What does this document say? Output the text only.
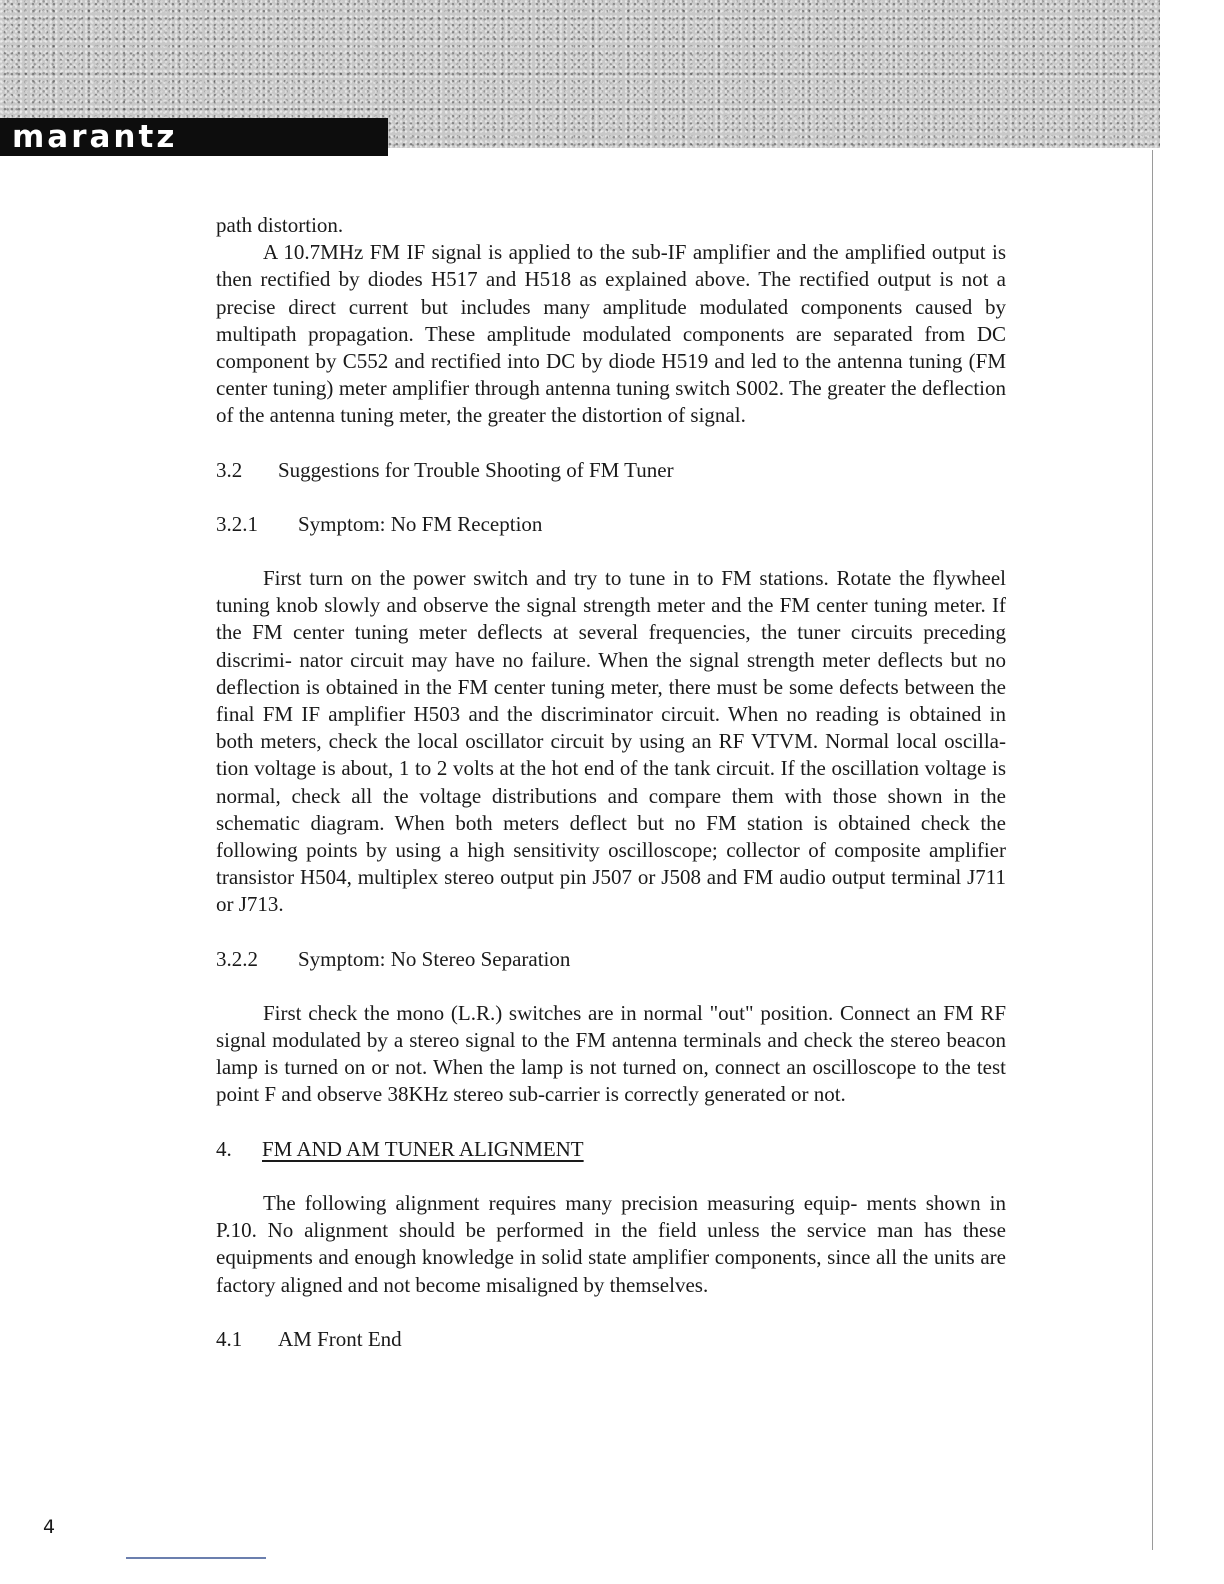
marantz

path distortion.

A 10.7MHz FM IF signal is applied to the sub-IF amplifier and the amplified output is then rectified by diodes H517 and H518 as explained above. The rectified output is not a precise direct current but includes many amplitude modulated components caused by multipath propagation. These amplitude modulated components are separated from DC component by C552 and rectified into DC by diode H519 and led to the antenna tuning (FM center tuning) meter amplifier through antenna tuning switch S002. The greater the deflection of the antenna tuning meter, the greater the distortion of signal.

3.2	Suggestions for Trouble Shooting of FM Tuner
3.2.1	Symptom: No FM Reception

First turn on the power switch and try to tune in to FM stations. Rotate the flywheel tuning knob slowly and observe the signal strength meter and the FM center tuning meter. If the FM center tuning meter deflects at several frequencies, the tuner circuits preceding discrimi- nator circuit may have no failure. When the signal strength meter deflects but no deflection is obtained in the FM center tuning meter, there must be some defects between the final FM IF amplifier H503 and the discriminator circuit. When no reading is obtained in both meters, check the local oscillator circuit by using an RF VTVM. Normal local oscilla- tion voltage is about, 1 to 2 volts at the hot end of the tank circuit. If the oscillation voltage is normal, check all the voltage distributions and compare them with those shown in the schematic diagram. When both meters deflect but no FM station is obtained check the following points by using a high sensitivity oscilloscope; collector of composite amplifier transistor H504, multiplex stereo output pin J507 or J508 and FM audio output terminal J711 or J713.

3.2.2	Symptom: No Stereo Separation

First check the mono (L.R.) switches are in normal "out" position. Connect an FM RF signal modulated by a stereo signal to the FM antenna terminals and check the stereo beacon lamp is turned on or not. When the lamp is not turned on, connect an oscilloscope to the test point F and observe 38KHz stereo sub-carrier is correctly generated or not.

4.	FM AND AM TUNER ALIGNMENT

The following alignment requires many precision measuring equip- ments shown in P.10. No alignment should be performed in the field unless the service man has these equipments and enough knowledge in solid state amplifier components, since all the units are factory aligned and not become misaligned by themselves.

4.1	AM Front End
4
